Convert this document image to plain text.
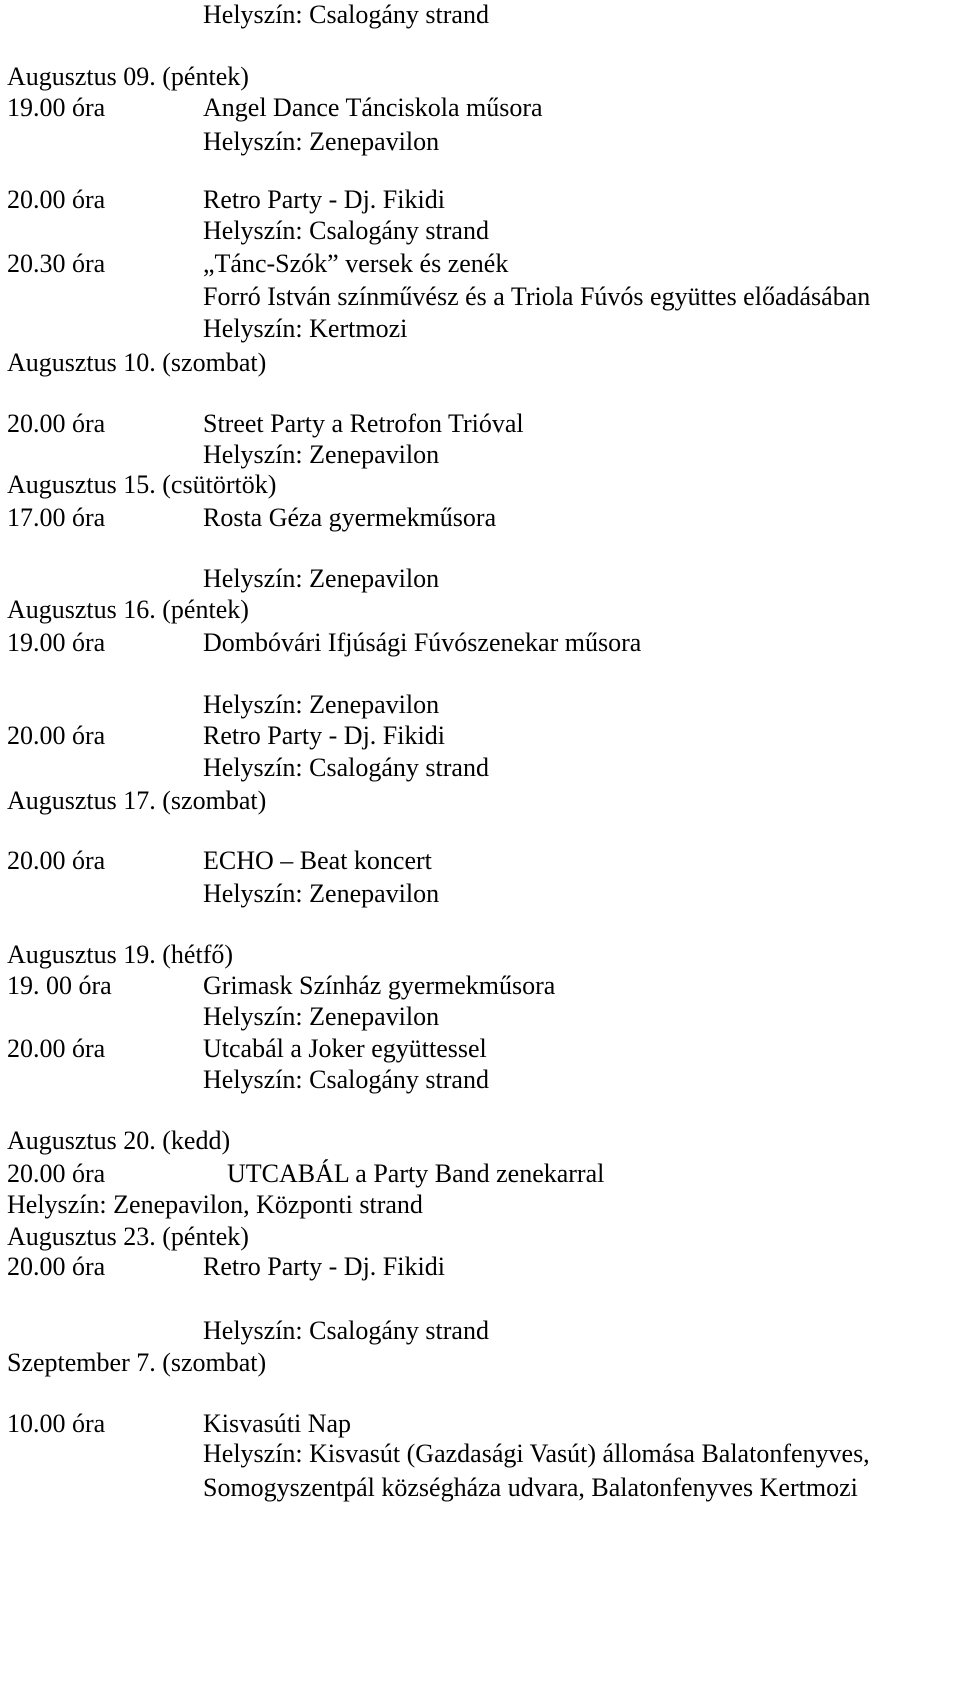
Helyszín: Csalogány strand
Augusztus 09. (péntek)
19.00 óra	Angel Dance Tánciskola műsora
Helyszín: Zenepavilon
20.00 óra	Retro Party - Dj. Fikidi
Helyszín: Csalogány strand
20.30 óra	„Tánc-Szók” versek és zenék
Forró István színművész és a Triola Fúvós együttes előadásában
Helyszín: Kertmozi
Augusztus 10. (szombat)
20.00 óra	Street Party a Retrofon Trióval
Helyszín: Zenepavilon
Augusztus 15. (csütörtök)
17.00 óra	Rosta Géza gyermekműsora
Helyszín: Zenepavilon
Augusztus 16. (péntek)
19.00 óra	Dombóvári Ifjúsági Fúvószenekar műsora
Helyszín: Zenepavilon
20.00 óra	Retro Party - Dj. Fikidi
Helyszín: Csalogány strand
Augusztus 17. (szombat)
20.00 óra	ECHO – Beat koncert
Helyszín: Zenepavilon
Augusztus 19. (hétfő)
19. 00 óra	Grimask Színház gyermekműsora
Helyszín: Zenepavilon
20.00 óra	Utcabál a Joker együttessel
Helyszín: Csalogány strand
Augusztus 20. (kedd)
20.00 óra	UTCABÁL a Party Band zenekarral
Helyszín: Zenepavilon, Központi strand
Augusztus 23. (péntek)
20.00 óra	Retro Party - Dj. Fikidi
Helyszín: Csalogány strand
Szeptember 7. (szombat)
10.00 óra	Kisvasúti Nap
Helyszín: Kisvasút (Gazdasági Vasút) állomása Balatonfenyves,
Somogyszentpál községháza udvara, Balatonfenyves Kertmozi
